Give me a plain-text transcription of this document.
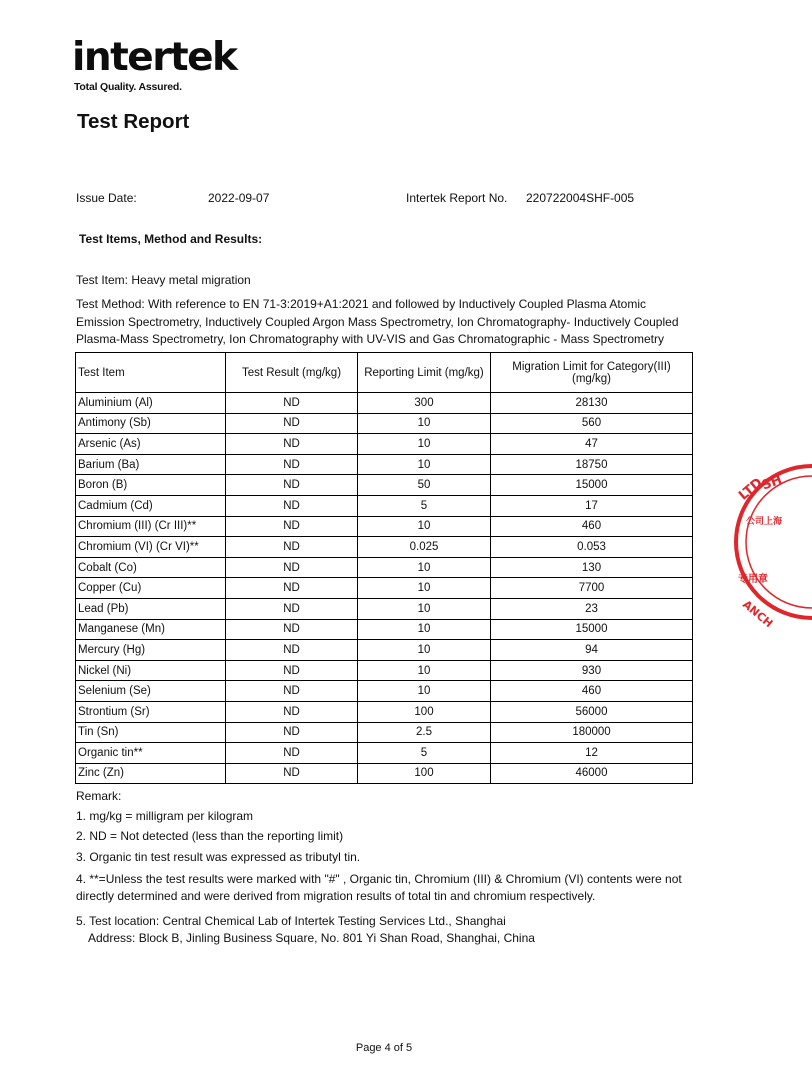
intertek
Total Quality. Assured.
Test Report
Issue Date:	2022-09-07	Intertek Report No. 220722004SHF-005
Test Items, Method and Results:
Test Item: Heavy metal migration
Test Method: With reference to EN 71-3:2019+A1:2021 and followed by Inductively Coupled Plasma Atomic Emission Spectrometry, Inductively Coupled Argon Mass Spectrometry, Ion Chromatography- Inductively Coupled Plasma-Mass Spectrometry, Ion Chromatography with UV-VIS and Gas Chromatographic - Mass Spectrometry
Test Item	Test Result (mg/kg)	Reporting Limit (mg/kg)	Migration Limit for Category(III) (mg/kg)
Aluminium (Al)	ND	300	28130
Antimony (Sb)	ND	10	560
Arsenic (As)	ND	10	47
Barium (Ba)	ND	10	18750
Boron (B)	ND	50	15000
Cadmium (Cd)	ND	5	17
Chromium (III) (Cr III)**	ND	10	460
Chromium (VI) (Cr VI)**	ND	0.025	0.053
Cobalt (Co)	ND	10	130
Copper (Cu)	ND	10	7700
Lead (Pb)	ND	10	23
Manganese (Mn)	ND	10	15000
Mercury (Hg)	ND	10	94
Nickel (Ni)	ND	10	930
Selenium (Se)	ND	10	460
Strontium (Sr)	ND	100	56000
Tin (Sn)	ND	2.5	180000
Organic tin**	ND	5	12
Zinc (Zn)	ND	100	46000
Remark:
1. mg/kg = milligram per kilogram
2. ND = Not detected (less than the reporting limit)
3. Organic tin test result was expressed as tributyl tin.
4. **=Unless the test results were marked with "#" , Organic tin, Chromium (III) & Chromium (VI) contents were not directly determined and were derived from migration results of total tin and chromium respectively.
5. Test location: Central Chemical Lab of Intertek Testing Services Ltd., Shanghai
Address: Block B, Jinling Business Square, No. 801 Yi Shan Road, Shanghai, China
Page 4 of 5
LTD
SH
公司上海
专用章
ANCH
